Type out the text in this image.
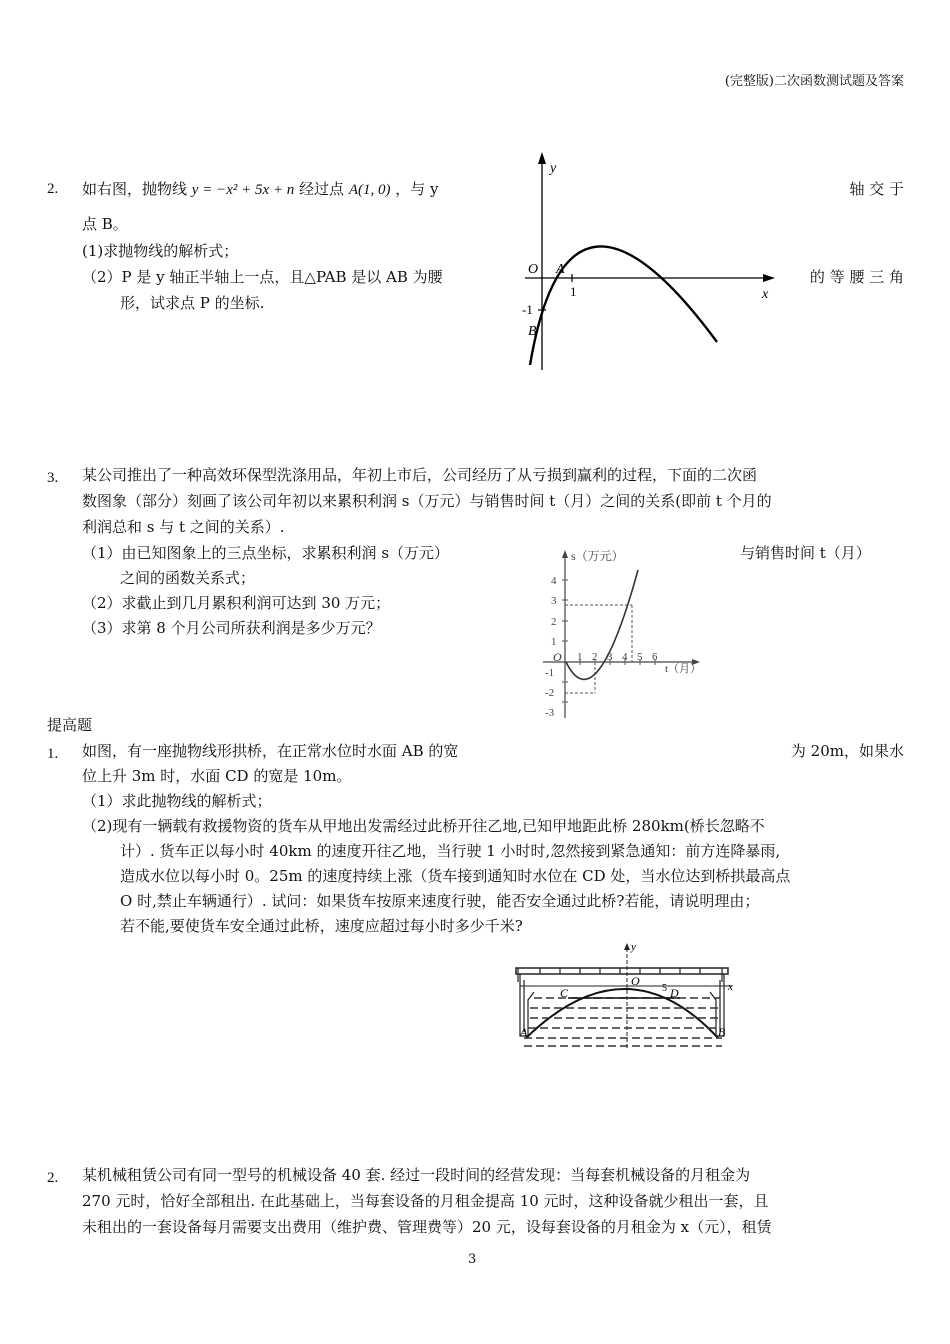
(完整版)二次函数测试题及答案
2. 如右图，抛物线 y = −x² + 5x + n 经过点 A(1, 0) ，与 y	轴 交 于
点 B。
(1)求抛物线的解析式；
（2）P 是 y 轴正半轴上一点，且△PAB 是以 AB 为腰	的 等 腰 三 角
形，试求点 P 的坐标.
y
x
O A
1
-1
B
3. 某公司推出了一种高效环保型洗涤用品，年初上市后，公司经历了从亏损到赢利的过程，下面的二次函
数图象（部分）刻画了该公司年初以来累积利润 s（万元）与销售时间 t（月）之间的关系(即前 t 个月的
利润总和 s 与 t 之间的关系）.
（1）由已知图象上的三点坐标，求累积利润 s（万元）	与销售时间 t（月）
之间的函数关系式；
（2）求截止到几月累积利润可达到 30 万元；
（3）求第 8 个月公司所获利润是多少万元？
s（万元）
t（月）
O 1 2 3 4 5 6
4
3
2
1
-1
-2
-3
提高题
1. 如图，有一座抛物线形拱桥，在正常水位时水面 AB 的宽	为 20m，如果水
位上升 3m 时，水面 CD 的宽是 10m。
（1）求此抛物线的解析式；
（2)现有一辆载有救援物资的货车从甲地出发需经过此桥开往乙地,已知甲地距此桥 280km(桥长忽略不
计）. 货车正以每小时 40km 的速度开往乙地，当行驶 1 小时时,忽然接到紧急通知：前方连降暴雨,
造成水位以每小时 0。25m 的速度持续上涨（货车接到通知时水位在 CD 处，当水位达到桥拱最高点
O 时,禁止车辆通行）. 试问：如果货车按原来速度行驶，能否安全通过此桥?若能，请说明理由；
若不能,要使货车安全通过此桥，速度应超过每小时多少千米?
O
y
x
C	D
5
A	B
2. 某机械租赁公司有同一型号的机械设备 40 套. 经过一段时间的经营发现：当每套机械设备的月租金为
270 元时，恰好全部租出. 在此基础上，当每套设备的月租金提高 10 元时，这种设备就少租出一套，且
未租出的一套设备每月需要支出费用（维护费、管理费等）20 元，设每套设备的月租金为 x（元），租赁
3
